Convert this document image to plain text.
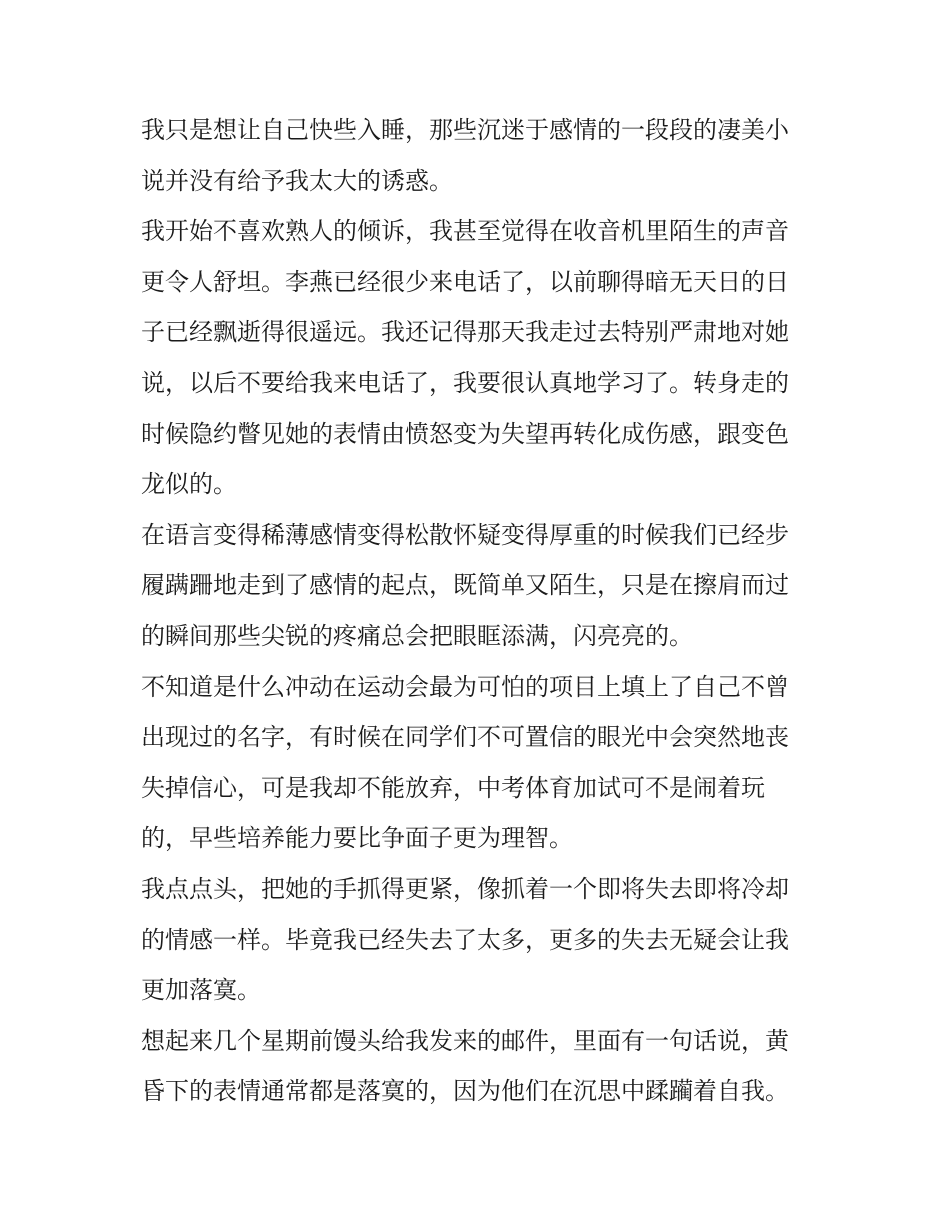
我只是想让自己快些入睡，那些沉迷于感情的一段段的凄美小
说并没有给予我太大的诱惑。
我开始不喜欢熟人的倾诉，我甚至觉得在收音机里陌生的声音
更令人舒坦。李燕已经很少来电话了，以前聊得暗无天日的日
子已经飘逝得很遥远。我还记得那天我走过去特别严肃地对她
说，以后不要给我来电话了，我要很认真地学习了。转身走的
时候隐约瞥见她的表情由愤怒变为失望再转化成伤感，跟变色
龙似的。
在语言变得稀薄感情变得松散怀疑变得厚重的时候我们已经步
履蹒跚地走到了感情的起点，既简单又陌生，只是在擦肩而过
的瞬间那些尖锐的疼痛总会把眼眶添满，闪亮亮的。
不知道是什么冲动在运动会最为可怕的项目上填上了自己不曾
出现过的名字，有时候在同学们不可置信的眼光中会突然地丧
失掉信心，可是我却不能放弃，中考体育加试可不是闹着玩
的，早些培养能力要比争面子更为理智。
我点点头，把她的手抓得更紧，像抓着一个即将失去即将冷却
的情感一样。毕竟我已经失去了太多，更多的失去无疑会让我
更加落寞。
想起来几个星期前馒头给我发来的邮件，里面有一句话说，黄
昏下的表情通常都是落寞的，因为他们在沉思中蹂躏着自我。
